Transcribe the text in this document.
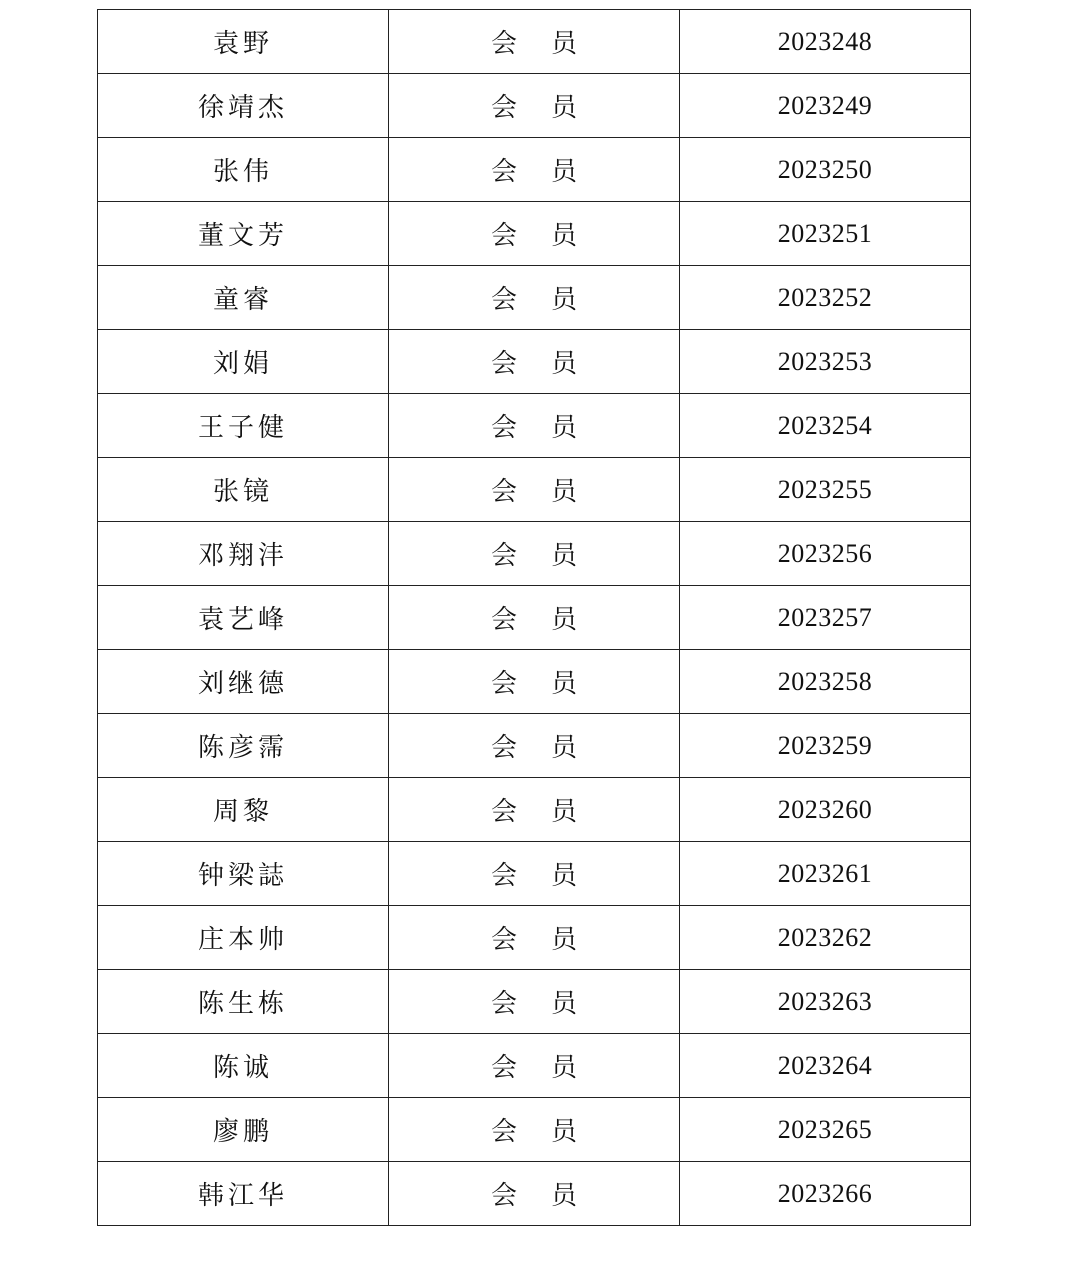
袁野	会 员	2023248
徐靖杰	会 员	2023249
张伟	会 员	2023250
董文芳	会 员	2023251
童睿	会 员	2023252
刘娟	会 员	2023253
王子健	会 员	2023254
张镜	会 员	2023255
邓翔沣	会 员	2023256
袁艺峰	会 员	2023257
刘继德	会 员	2023258
陈彦霈	会 员	2023259
周黎	会 员	2023260
钟梁誌	会 员	2023261
庄本帅	会 员	2023262
陈生栋	会 员	2023263
陈诚	会 员	2023264
廖鹏	会 员	2023265
韩江华	会 员	2023266
